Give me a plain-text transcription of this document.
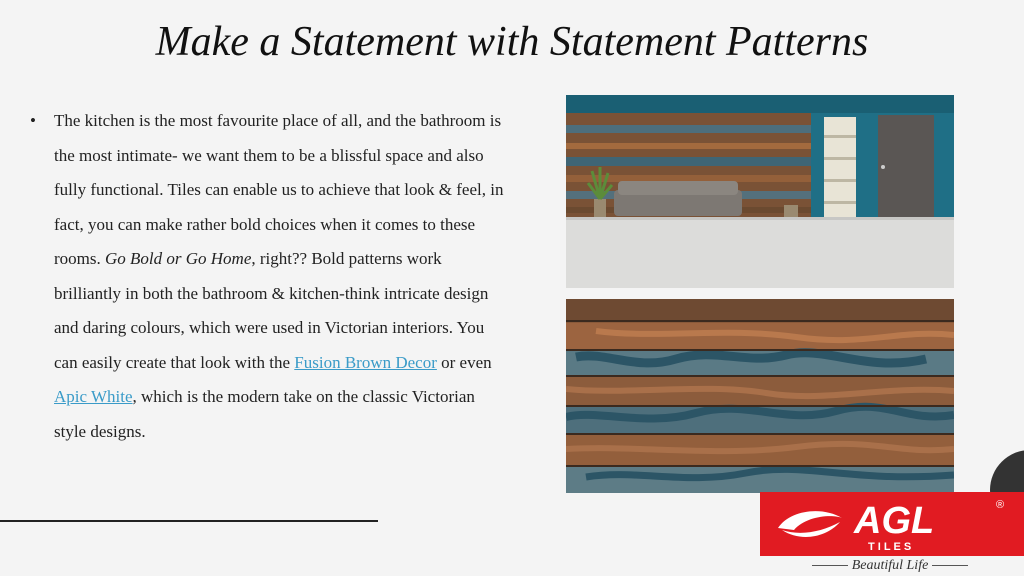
Make a Statement with Statement Patterns
• The kitchen is the most favourite place of all, and the bathroom is the most intimate- we want them to be a blissful space and also fully functional. Tiles can enable us to achieve that look & feel, in fact, you can make rather bold choices when it comes to these rooms. Go Bold or Go Home, right?? Bold patterns work brilliantly in both the bathroom & kitchen-think intricate design and daring colours, which were used in Victorian interiors. You can easily create that look with the Fusion Brown Decor or even Apic White, which is the modern take on the classic Victorian style designs.
AGL
T I L E S
®
Beautiful Life
